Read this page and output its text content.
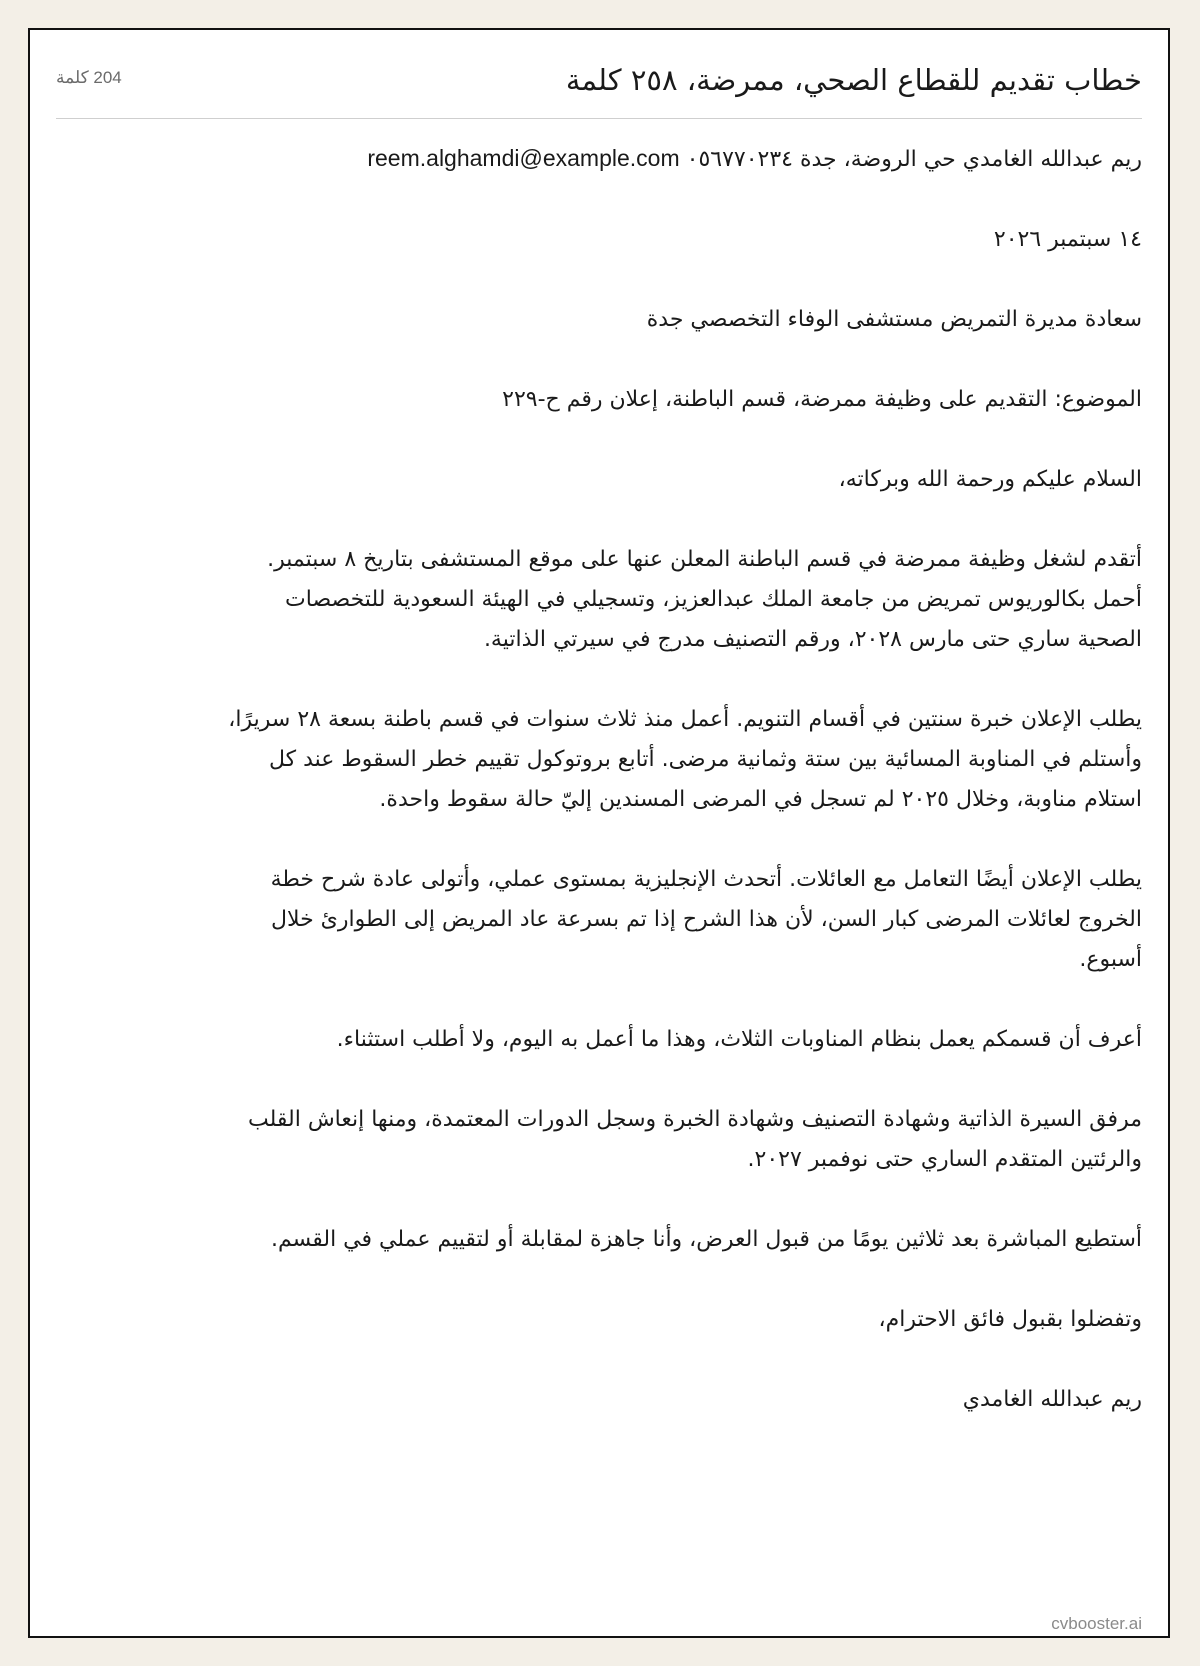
خطاب تقديم للقطاع الصحي، ممرضة، ٢٥٨ كلمة
204 كلمة

ريم عبدالله الغامدي حي الروضة، جدة ٠٥٦٧٧٠٢٣٤ reem.alghamdi@example.com

١٤ سبتمبر ٢٠٢٦

سعادة مديرة التمريض مستشفى الوفاء التخصصي جدة

الموضوع: التقديم على وظيفة ممرضة، قسم الباطنة، إعلان رقم ح-٢٢٩

السلام عليكم ورحمة الله وبركاته،

أتقدم لشغل وظيفة ممرضة في قسم الباطنة المعلن عنها على موقع المستشفى بتاريخ ٨ سبتمبر. أحمل بكالوريوس تمريض من جامعة الملك عبدالعزيز، وتسجيلي في الهيئة السعودية للتخصصات الصحية ساري حتى مارس ٢٠٢٨، ورقم التصنيف مدرج في سيرتي الذاتية.

يطلب الإعلان خبرة سنتين في أقسام التنويم. أعمل منذ ثلاث سنوات في قسم باطنة بسعة ٢٨ سريرًا، وأستلم في المناوبة المسائية بين ستة وثمانية مرضى. أتابع بروتوكول تقييم خطر السقوط عند كل استلام مناوبة، وخلال ٢٠٢٥ لم تسجل في المرضى المسندين إليّ حالة سقوط واحدة.

يطلب الإعلان أيضًا التعامل مع العائلات. أتحدث الإنجليزية بمستوى عملي، وأتولى عادة شرح خطة الخروج لعائلات المرضى كبار السن، لأن هذا الشرح إذا تم بسرعة عاد المريض إلى الطوارئ خلال أسبوع.

أعرف أن قسمكم يعمل بنظام المناوبات الثلاث، وهذا ما أعمل به اليوم، ولا أطلب استثناء.

مرفق السيرة الذاتية وشهادة التصنيف وشهادة الخبرة وسجل الدورات المعتمدة، ومنها إنعاش القلب والرئتين المتقدم الساري حتى نوفمبر ٢٠٢٧.

أستطيع المباشرة بعد ثلاثين يومًا من قبول العرض، وأنا جاهزة لمقابلة أو لتقييم عملي في القسم.

وتفضلوا بقبول فائق الاحترام،

ريم عبدالله الغامدي

cvbooster.ai
